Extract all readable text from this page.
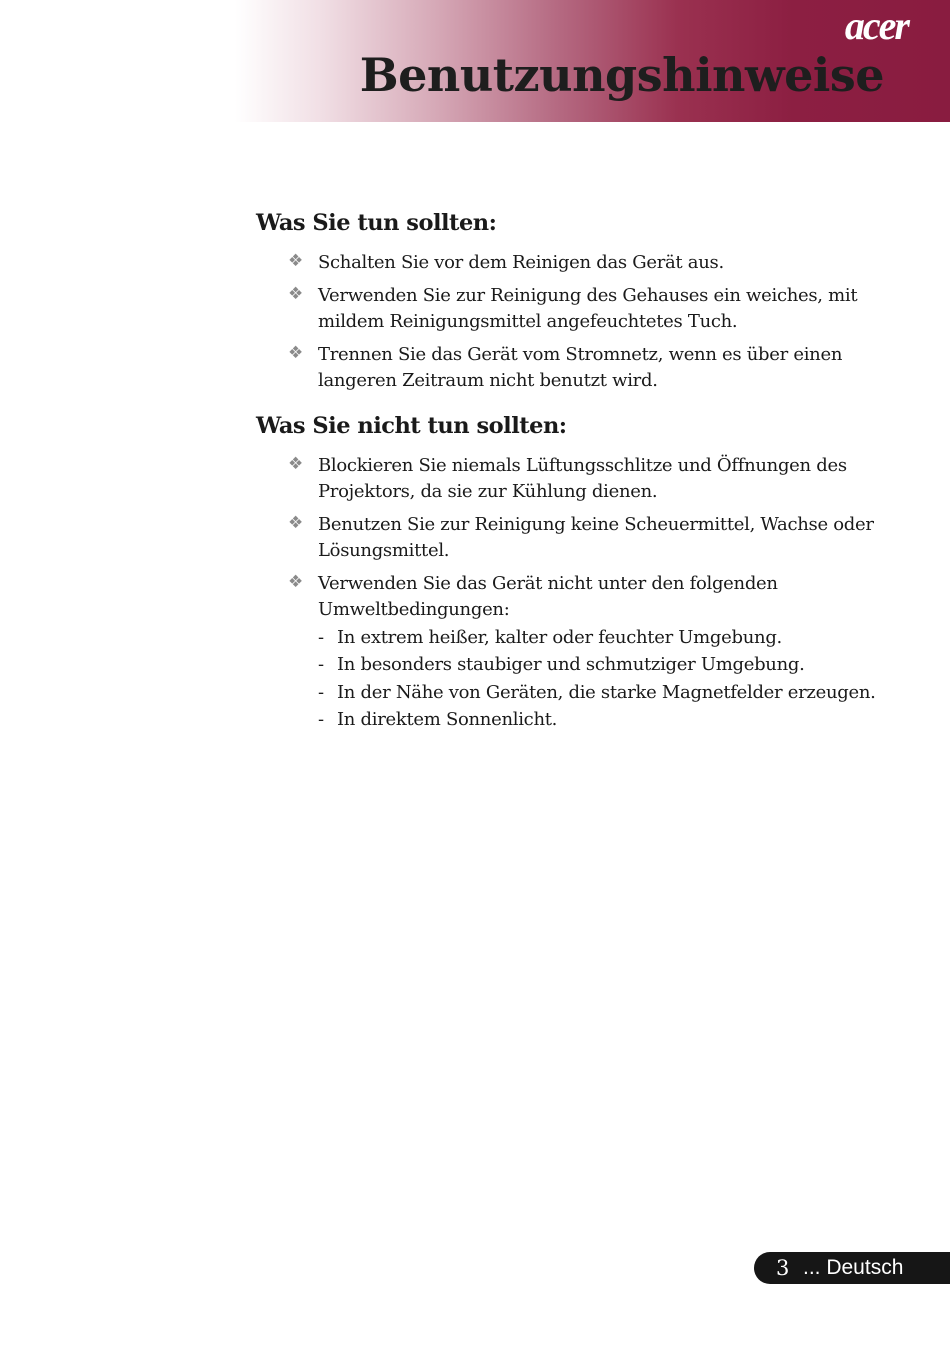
acer
Benutzungshinweise
Was Sie tun sollten:
❖ Schalten Sie vor dem Reinigen das Gerät aus.
❖ Verwenden Sie zur Reinigung des Gehauses ein weiches, mit mildem Reinigungsmittel angefeuchtetes Tuch.
❖ Trennen Sie das Gerät vom Stromnetz, wenn es über einen langeren Zeitraum nicht benutzt wird.
Was Sie nicht tun sollten:
❖ Blockieren Sie niemals Lüftungsschlitze und Öffnungen des Projektors, da sie zur Kühlung dienen.
❖ Benutzen Sie zur Reinigung keine Scheuermittel, Wachse oder Lösungsmittel.
❖ Verwenden Sie das Gerät nicht unter den folgenden Umweltbedingungen:
- In extrem heißer, kalter oder feuchter Umgebung.
- In besonders staubiger und schmutziger Umgebung.
- In der Nähe von Geräten, die starke Magnetfelder erzeugen.
- In direktem Sonnenlicht.
3 ... Deutsch
